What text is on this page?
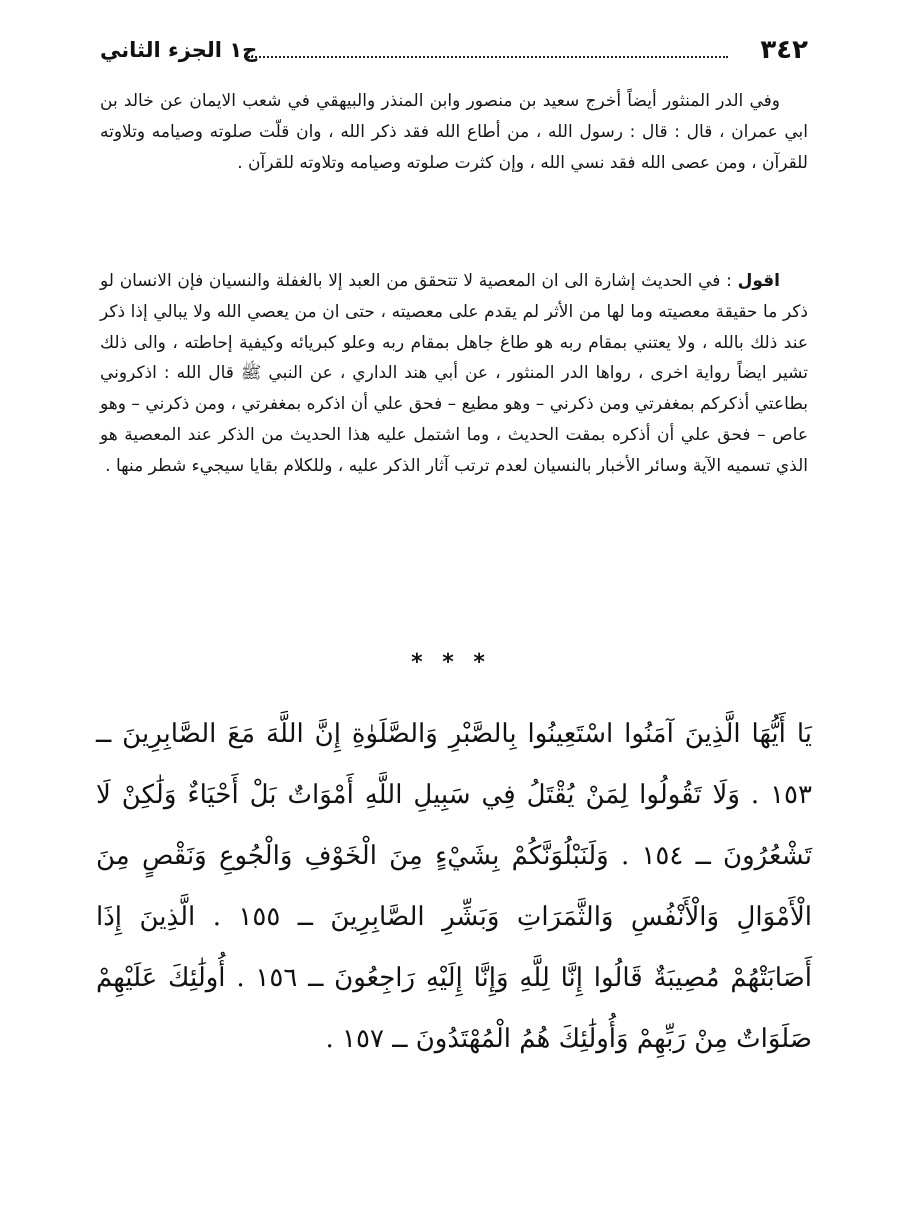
٣٤٢
ج١ الجزء الثاني

وفي الدر المنثور أيضاً أخرج سعيد بن منصور وابن المنذر والبيهقي في شعب الايمان عن خالد بن ابي عمران ، قال : قال : رسول الله ، من أطاع الله فقد ذكر الله ، وان قلّت صلوته وصيامه وتلاوته للقرآن ، ومن عصى الله فقد نسي الله ، وإن كثرت صلوته وصيامه وتلاوته للقرآن .

اقول : في الحديث إشارة الى ان المعصية لا تتحقق من العبد إلا بالغفلة والنسيان فإن الانسان لو ذكر ما حقيقة معصيته وما لها من الأثر لم يقدم على معصيته ، حتى ان من يعصي الله ولا يبالي إذا ذكر عند ذلك بالله ، ولا يعتني بمقام ربه هو طاغ جاهل بمقام ربه وعلو كبريائه وكيفية إحاطته ، والى ذلك تشير ايضاً رواية اخرى ، رواها الدر المنثور ، عن أبي هند الداري ، عن النبي ﷺ قال الله : اذكروني بطاعتي أذكركم بمغفرتي ومن ذكرني – وهو مطيع – فحق علي أن اذكره بمغفرتي ، ومن ذكرني – وهو عاص – فحق علي أن أذكره بمقت الحديث ، وما اشتمل عليه هذا الحديث من الذكر عند المعصية هو الذي تسميه الآية وسائر الأخبار بالنسيان لعدم ترتب آثار الذكر عليه ، وللكلام بقايا سيجيء شطر منها .

* * *

يَا أَيُّهَا الَّذِينَ آمَنُوا اسْتَعِينُوا بِالصَّبْرِ وَالصَّلَوٰةِ إِنَّ اللَّهَ مَعَ الصَّابِرِينَ ــ ١٥٣ . وَلَا تَقُولُوا لِمَنْ يُقْتَلُ فِي سَبِيلِ اللَّهِ أَمْوَاتٌ بَلْ أَحْيَاءٌ وَلَٰكِنْ لَا تَشْعُرُونَ ــ ١٥٤ . وَلَنَبْلُوَنَّكُمْ بِشَيْءٍ مِنَ الْخَوْفِ وَالْجُوعِ وَنَقْصٍ مِنَ الْأَمْوَالِ وَالْأَنْفُسِ وَالثَّمَرَاتِ وَبَشِّرِ الصَّابِرِينَ ــ ١٥٥ . الَّذِينَ إِذَا أَصَابَتْهُمْ مُصِيبَةٌ قَالُوا إِنَّا لِلَّهِ وَإِنَّا إِلَيْهِ رَاجِعُونَ ــ ١٥٦ . أُولَٰئِكَ عَلَيْهِمْ صَلَوَاتٌ مِنْ رَبِّهِمْ وَأُولَٰئِكَ هُمُ الْمُهْتَدُونَ ــ ١٥٧ .
